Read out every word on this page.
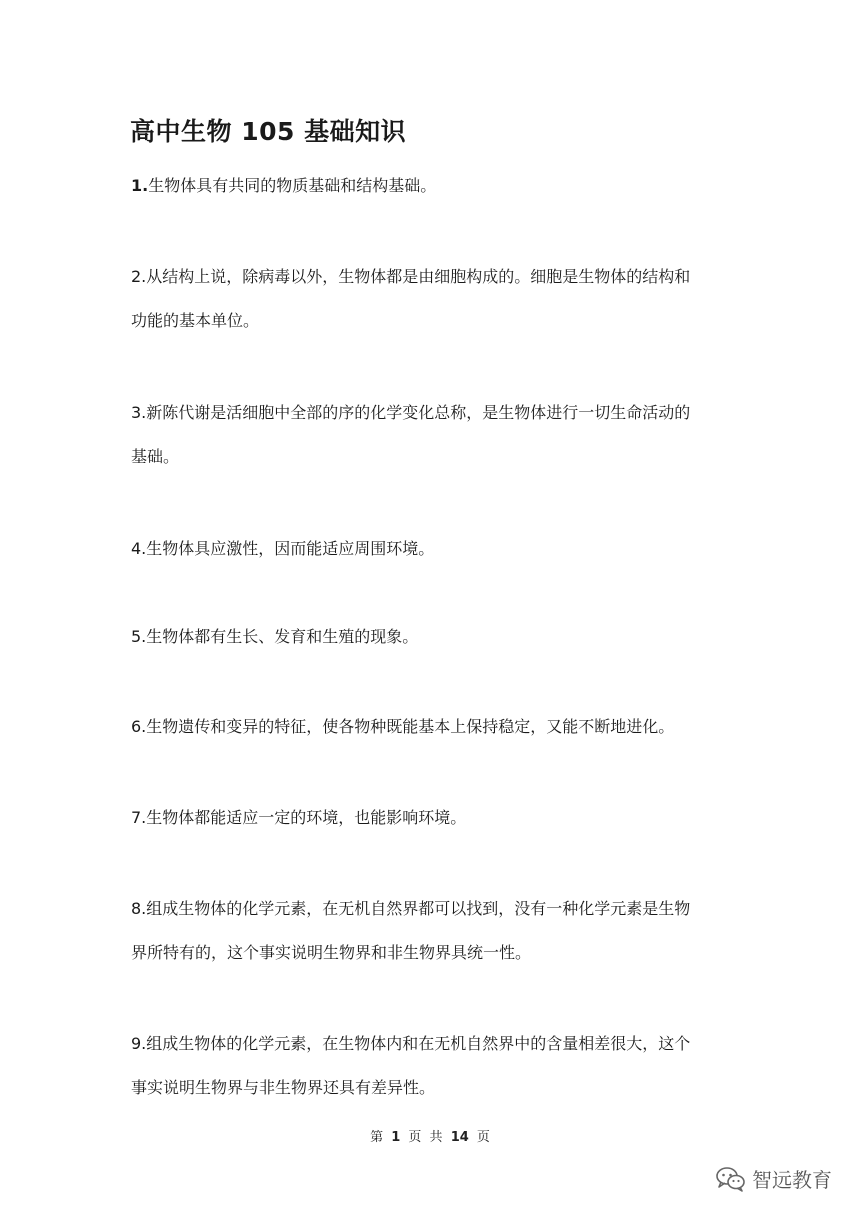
高中生物 105 基础知识
1.生物体具有共同的物质基础和结构基础。
2.从结构上说，除病毒以外，生物体都是由细胞构成的。细胞是生物体的结构和
功能的基本单位。
3.新陈代谢是活细胞中全部的序的化学变化总称，是生物体进行一切生命活动的
基础。
4.生物体具应激性，因而能适应周围环境。
5.生物体都有生长、发育和生殖的现象。
6.生物遗传和变异的特征，使各物种既能基本上保持稳定，又能不断地进化。
7.生物体都能适应一定的环境，也能影响环境。
8.组成生物体的化学元素，在无机自然界都可以找到，没有一种化学元素是生物
界所特有的，这个事实说明生物界和非生物界具统一性。
9.组成生物体的化学元素，在生物体内和在无机自然界中的含量相差很大，这个
事实说明生物界与非生物界还具有差异性。
第 1 页 共 14 页
智远教育
